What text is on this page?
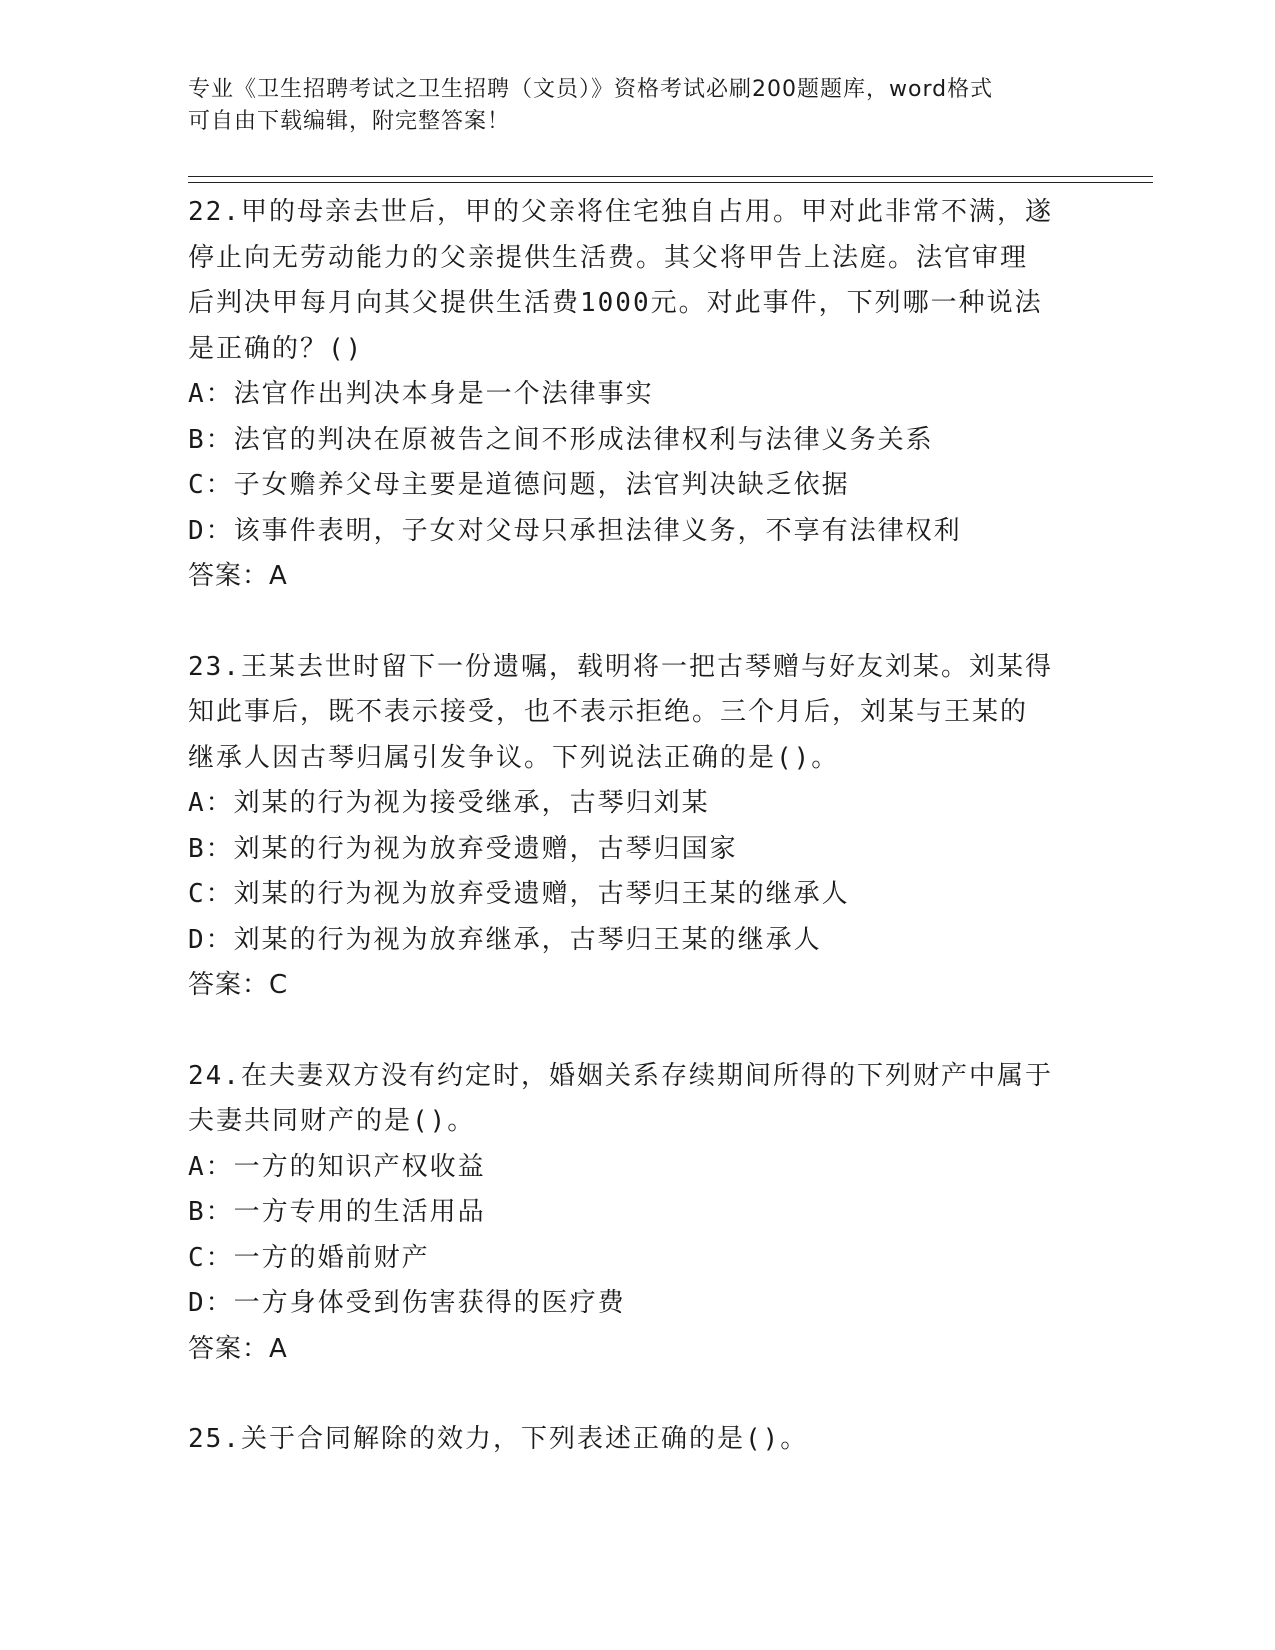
专业《卫生招聘考试之卫生招聘（文员）》资格考试必刷200题题库，word格式
可自由下载编辑，附完整答案！

22.甲的母亲去世后，甲的父亲将住宅独自占用。甲对此非常不满，遂

停止向无劳动能力的父亲提供生活费。其父将甲告上法庭。法官审理

后判决甲每月向其父提供生活费1000元。对此事件，下列哪一种说法

是正确的？()

A：法官作出判决本身是一个法律事实

B：法官的判决在原被告之间不形成法律权利与法律义务关系

C：子女赡养父母主要是道德问题，法官判决缺乏依据

D：该事件表明，子女对父母只承担法律义务，不享有法律权利

答案：A

23.王某去世时留下一份遗嘱，载明将一把古琴赠与好友刘某。刘某得

知此事后，既不表示接受，也不表示拒绝。三个月后，刘某与王某的

继承人因古琴归属引发争议。下列说法正确的是()。

A：刘某的行为视为接受继承，古琴归刘某

B：刘某的行为视为放弃受遗赠，古琴归国家

C：刘某的行为视为放弃受遗赠，古琴归王某的继承人

D：刘某的行为视为放弃继承，古琴归王某的继承人

答案：C

24.在夫妻双方没有约定时，婚姻关系存续期间所得的下列财产中属于

夫妻共同财产的是()。

A：一方的知识产权收益

B：一方专用的生活用品

C：一方的婚前财产

D：一方身体受到伤害获得的医疗费

答案：A

25.关于合同解除的效力，下列表述正确的是()。
